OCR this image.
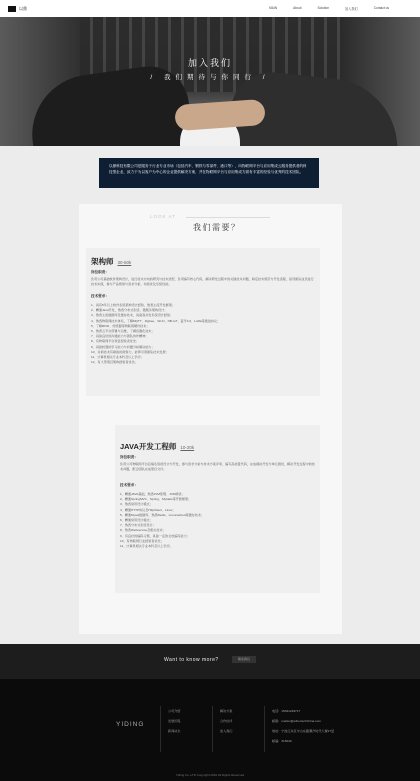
以鼎	MAIN	About	Solution	加入我们	Contact us
加入我们
/ 我们期待与你同行 /
以鼎科技有限公司是服务于行业专业市场（包括汽车、钢铁与零部件、港口等），向物联网平台与应用集成云服务提供者的科技型企业，致力于为以客户为中心的企业提供解决方案，并在物联网平台与应用集成方面有丰富的经验与优秀的技术团队。
LOOK AT
我们需要？
架构师 30-50k
岗位职责：
负责公司基础软件架构设计，进行技术方向的研究与技术选型，负责编写核心代码，解决研发过程中的关键技术问题，制定技术规范与开发流程，指导团队成员进行技术实现，参与产品规划与需求分析，持续优化系统性能。
技术要求：
1、具有5年以上软件系统架构设计经验，熟悉主流开发框架；
2、精通Java开发，熟悉分布式系统、微服务架构设计；
3、熟悉主流数据库及缓存技术，具备高并发系统设计经验；
4、熟悉物联网技术体系，了解MQTT、Zigbee、Wi-Fi、NB-IoT、蓝牙4.0、LoRa等通信协议；
5、了解RFID、传感器等物联网硬件技术；
6、熟悉云平台部署与运维，了解容器化技术；
7、具备良好的沟通能力与团队协作精神；
8、有物联网平台项目经验者优先；
9、具备较强的学习能力与问题分析解决能力；
10、对新技术有敏锐的洞察力，能够引领团队技术发展；
11、计算机相关专业本科及以上学历；
12、有大型项目架构经验者优先。
JAVA开发工程师 10-20k
岗位职责：
负责公司物联网平台后端系统的设计与开发，参与需求分析与技术方案评审，编写高质量代码，完成模块开发与单元测试，解决开发过程中的技术问题，配合团队完成项目交付。
技术要求：
1、精通JAVA基础，熟悉JVM原理、JVM调优；
2、精通SpringMVC、Spring、Mybatis等开源框架；
3、熟悉常用设计模式；
4、精通HTTP协议及HttpClient、Linux；
5、精通Mysql数据库、熟悉Redis、memcached等缓存技术；
6、精通常用设计模式；
7、熟悉分布式系统设计；
8、熟悉Webservice及相关技术；
9、有良好的编码习惯，具备一定的文档编写能力；
10、有物联网行业经验者优先；
11、计算机相关专业本科及以上学历。
Want to know more?	联系我们
YIDING
公司介绍
发展历程
新闻动态
解决方案
合作伙伴
加入我们
电话：15021249717
邮箱：market@ethertechchina.com
地址：宁波江东区中山东路潮汐时代大厦17层
邮编：315040
Yiding Co.,LTD Copyright 2016 All Rights Reserved
